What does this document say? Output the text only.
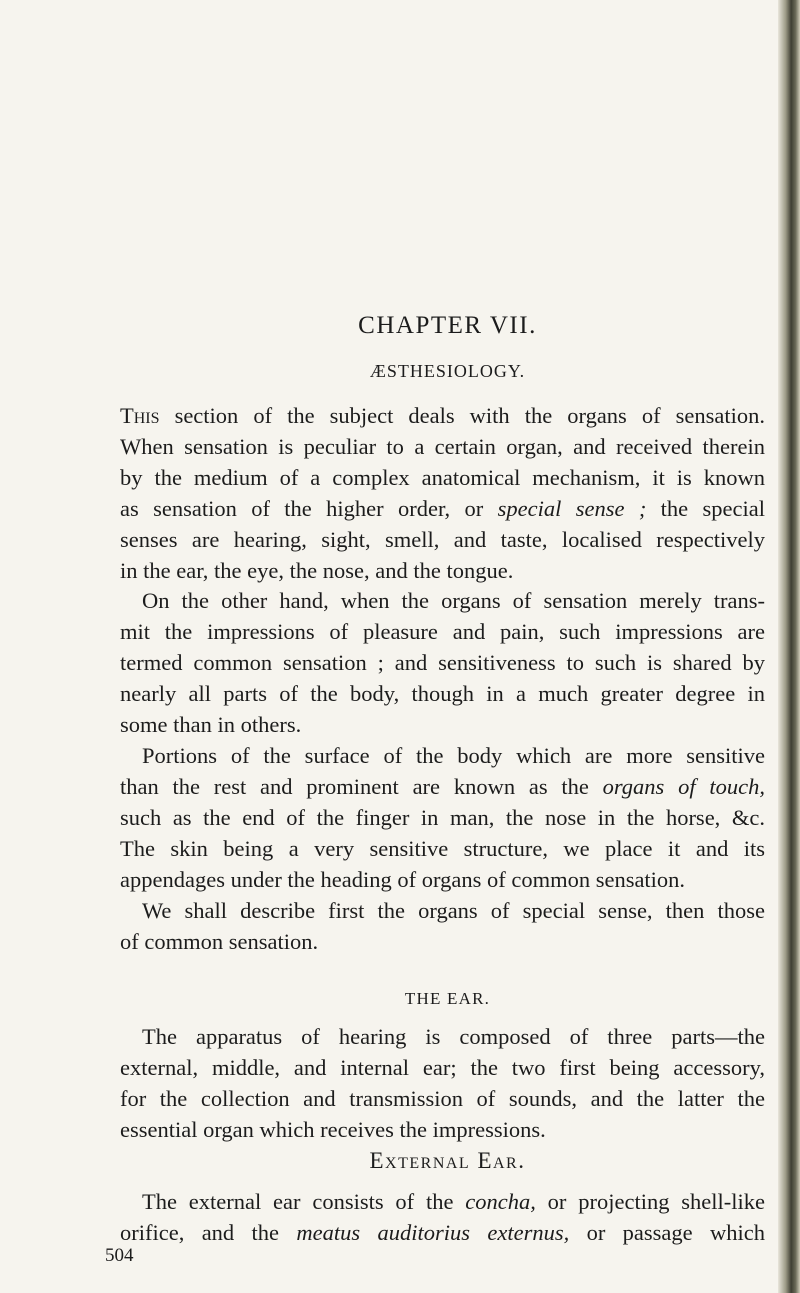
CHAPTER VII.
ÆSTHESIOLOGY.
This section of the subject deals with the organs of sensation.
When sensation is peculiar to a certain organ, and received therein
by the medium of a complex anatomical mechanism, it is known
as sensation of the higher order, or special sense ; the special
senses are hearing, sight, smell, and taste, localised respectively
in the ear, the eye, the nose, and the tongue.
On the other hand, when the organs of sensation merely trans-
mit the impressions of pleasure and pain, such impressions are
termed common sensation ; and sensitiveness to such is shared by
nearly all parts of the body, though in a much greater degree in
some than in others.
Portions of the surface of the body which are more sensitive
than the rest and prominent are known as the organs of touch,
such as the end of the finger in man, the nose in the horse, &c.
The skin being a very sensitive structure, we place it and its
appendages under the heading of organs of common sensation.
We shall describe first the organs of special sense, then those
of common sensation.
THE EAR.
The apparatus of hearing is composed of three parts—the
external, middle, and internal ear; the two first being accessory,
for the collection and transmission of sounds, and the latter the
essential organ which receives the impressions.
External Ear.
The external ear consists of the concha, or projecting shell-like
orifice, and the meatus auditorius externus, or passage which
504
